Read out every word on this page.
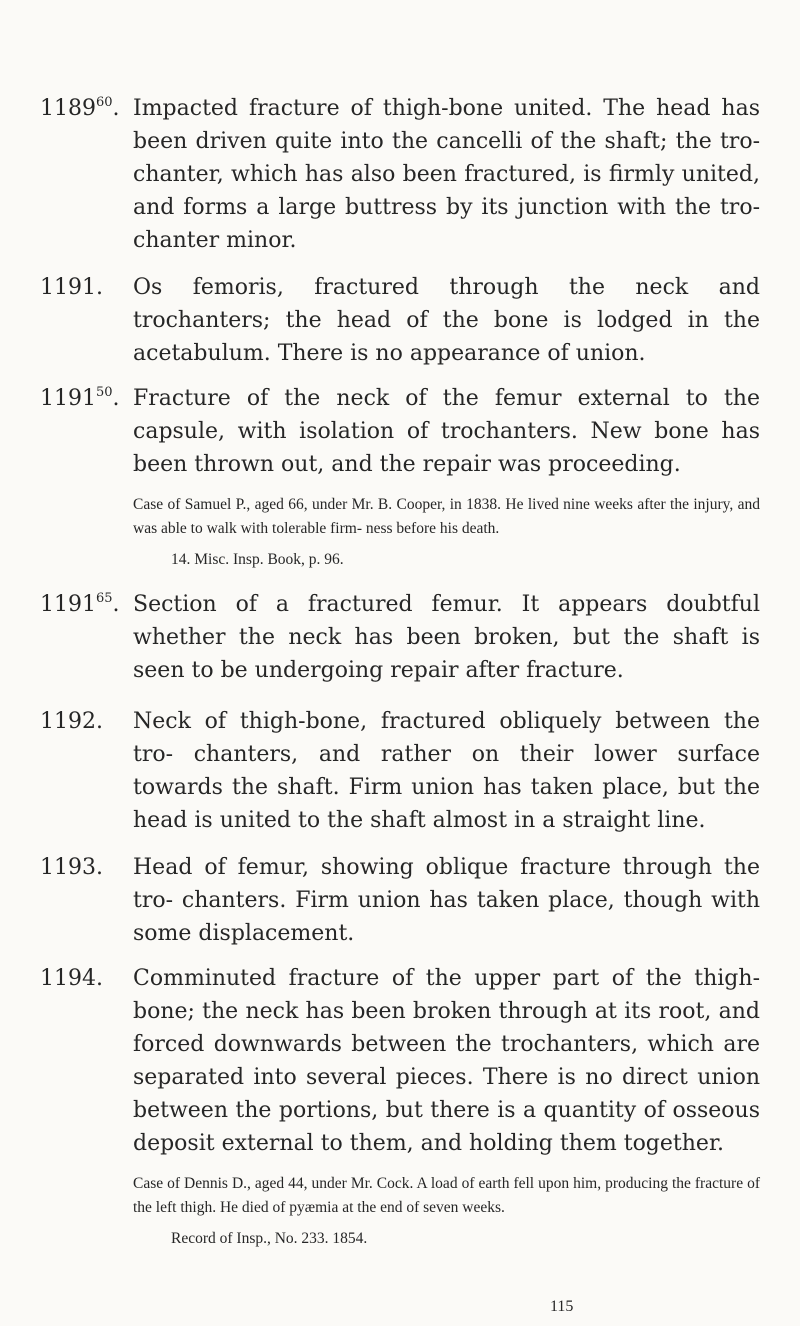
1189$^{60}$. Impacted fracture of thigh-bone united. The head has been driven quite into the cancelli of the shaft; the tro- chanter, which has also been fractured, is firmly united, and forms a large buttress by its junction with the tro- chanter minor.
1191. Os femoris, fractured through the neck and trochanters; the head of the bone is lodged in the acetabulum. There is no appearance of union.
1191$^{50}$. Fracture of the neck of the femur external to the capsule, with isolation of trochanters. New bone has been thrown out, and the repair was proceeding.
Case of Samuel P., aged 66, under Mr. B. Cooper, in 1838. He lived nine weeks after the injury, and was able to walk with tolerable firm- ness before his death.
14. Misc. Insp. Book, p. 96.
1191$^{65}$. Section of a fractured femur. It appears doubtful whether the neck has been broken, but the shaft is seen to be undergoing repair after fracture.
1192. Neck of thigh-bone, fractured obliquely between the tro- chanters, and rather on their lower surface towards the shaft. Firm union has taken place, but the head is united to the shaft almost in a straight line.
1193. Head of femur, showing oblique fracture through the tro- chanters. Firm union has taken place, though with some displacement.
1194. Comminuted fracture of the upper part of the thigh-bone; the neck has been broken through at its root, and forced downwards between the trochanters, which are separated into several pieces. There is no direct union between the portions, but there is a quantity of osseous deposit external to them, and holding them together.
Case of Dennis D., aged 44, under Mr. Cock. A load of earth fell upon him, producing the fracture of the left thigh. He died of pyæmia at the end of seven weeks.
Record of Insp., No. 233. 1854.
115
